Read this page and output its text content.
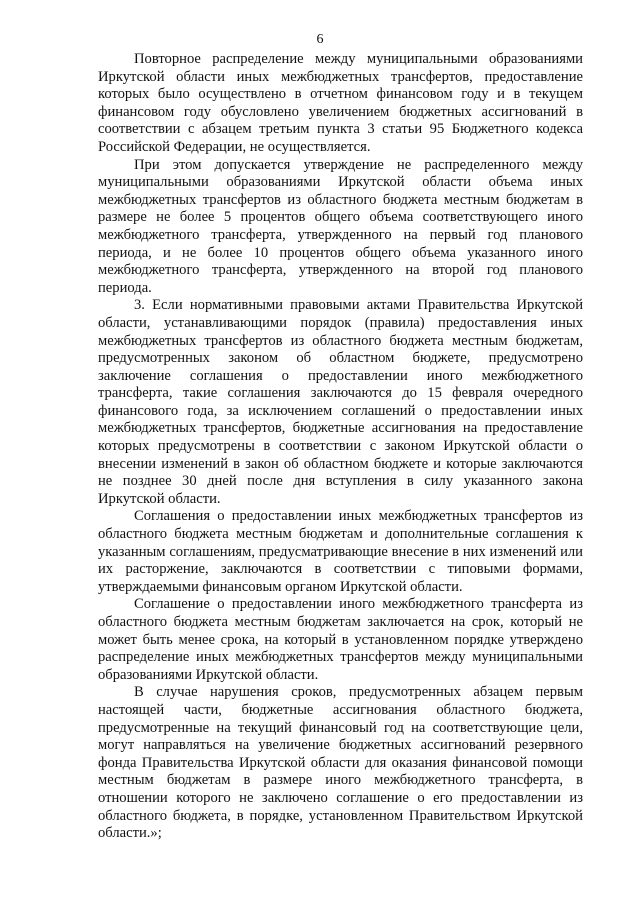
6

Повторное распределение между муниципальными образованиями Иркутской области иных межбюджетных трансфертов, предоставление которых было осуществлено в отчетном финансовом году и в текущем финансовом году обусловлено увеличением бюджетных ассигнований в соответствии с абзацем третьим пункта 3 статьи 95 Бюджетного кодекса Российской Федерации, не осуществляется.

При этом допускается утверждение не распределенного между муниципальными образованиями Иркутской области объема иных межбюджетных трансфертов из областного бюджета местным бюджетам в размере не более 5 процентов общего объема соответствующего иного межбюджетного трансферта, утвержденного на первый год планового периода, и не более 10 процентов общего объема указанного иного межбюджетного трансферта, утвержденного на второй год планового периода.

3. Если нормативными правовыми актами Правительства Иркутской области, устанавливающими порядок (правила) предоставления иных межбюджетных трансфертов из областного бюджета местным бюджетам, предусмотренных законом об областном бюджете, предусмотрено заключение соглашения о предоставлении иного межбюджетного трансферта, такие соглашения заключаются до 15 февраля очередного финансового года, за исключением соглашений о предоставлении иных межбюджетных трансфертов, бюджетные ассигнования на предоставление которых предусмотрены в соответствии с законом Иркутской области о внесении изменений в закон об областном бюджете и которые заключаются не позднее 30 дней после дня вступления в силу указанного закона Иркутской области.

Соглашения о предоставлении иных межбюджетных трансфертов из областного бюджета местным бюджетам и дополнительные соглашения к указанным соглашениям, предусматривающие внесение в них изменений или их расторжение, заключаются в соответствии с типовыми формами, утверждаемыми финансовым органом Иркутской области.

Соглашение о предоставлении иного межбюджетного трансферта из областного бюджета местным бюджетам заключается на срок, который не может быть менее срока, на который в установленном порядке утверждено распределение иных межбюджетных трансфертов между муниципальными образованиями Иркутской области.

В случае нарушения сроков, предусмотренных абзацем первым настоящей части, бюджетные ассигнования областного бюджета, предусмотренные на текущий финансовый год на соответствующие цели, могут направляться на увеличение бюджетных ассигнований резервного фонда Правительства Иркутской области для оказания финансовой помощи местным бюджетам в размере иного межбюджетного трансферта, в отношении которого не заключено соглашение о его предоставлении из областного бюджета, в порядке, установленном Правительством Иркутской области.»;
